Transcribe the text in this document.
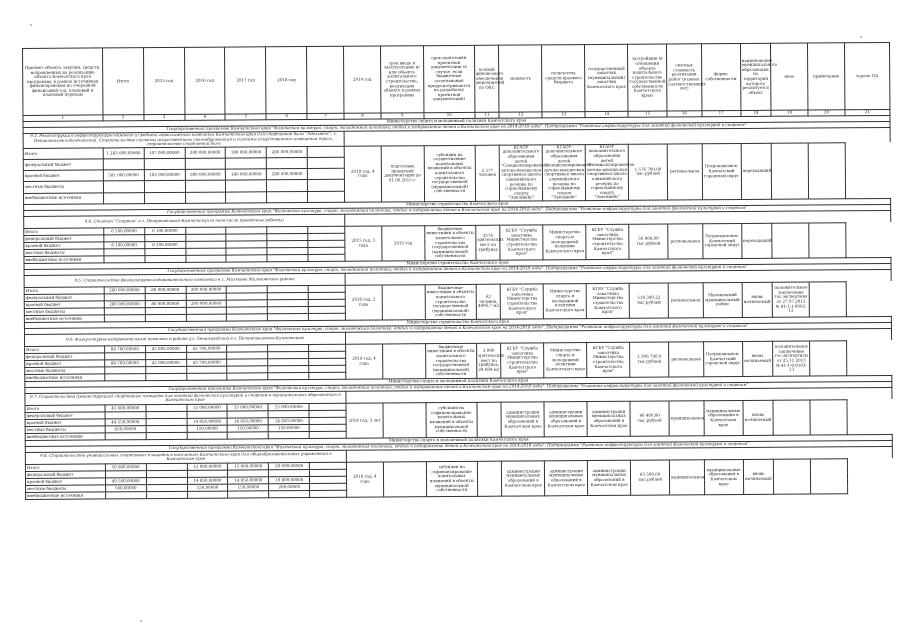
Предмет объекта закупки, средств, направленных на реализацию объекта Камчатского края программы, в рамках источников финансирования на очередной финансовый год, плановый и плановый периоды	Итого	2015 год	2016 год	2017 год	2018 год		2019 год	срок ввода в эксплуатацию и/ или объекта капитального строительства, реализация объекта в рамках программы	срок подготовки проектной документации (в случае, если бюджетные ассигнования предусматриваются на разработку проектной документации)	полный финансового обеспечения мероприятий по ОКС	мощность	получатель средств краевого бюджета	государственный заказчик (муниципальный) заказчик Камчатского края	застройщик (в отношении объекта капитального строительства государственной собственности Камчатского края)	сметная стоимость реализации работ (в ценах соответствующих лет)	форма собственности	наименование муниципального образования, на территории которого реализуется объект	иное	примечание	задача ОД
1	2	3	4	5	6	7	8	9	10	11	12	13	14	15	16	17	18	19	20	21
Министерство спорта и молодежной политики Камчатского края																				
Государственная программа Камчатского края "Физическая культура, спорт, молодежная политика, отдых и оздоровление детей в Камчатском крае на 2014-2018 годы". Подпрограмма "Развитие инфраструктуры для занятий физической культурой и спортом"																				
9.3. Реконструкция инфраструктуры нижнего и среднего горнолыжного комплекса Камчатского края для спортивной базы "Эдельвейс", г. Петропавловск-Камчатский. Строительство системы искусственного снегообразования и системы искусственного освещения трасс, строительство спортивной базы																				
Итого	1 283 000,00000	107 000,00000	300 000,00000	180 000,00000	280 000,00000		2018 год, 4 года	подготовка проектной документации до 01.06.2015 г.	субсидии на осуществление капитальных вложений в объекты капитального строительства государственной (муниципальной) собственности	2 577 человек	КГАОУ дополнительного образования детей "Специализированная детско-юношеская спортивная школа олимпийского резерва по горнолыжному спорту "Эдельвейс"	КГАОУ дополнительного образования детей "Специализированная детско-юношеская спортивная школа олимпийского резерва по горнолыжному спорту "Эдельвейс"	КГАОУ дополнительного образования детей "Специализированная детско-юношеская спортивная школа олимпийского резерва по горнолыжному спорту "Эдельвейс"	1 576 700,00 тыс.рублей	региональная	Петропавловск-Камчатский городской округ	переходящий			
федеральный бюджет																				
краевой бюджет	581 000,00000	102 000,00000	300 000,00000	180 000,00000	280 000,00000															
местные бюджеты																				
внебюджетные источники																				
Министерство строительства Камчатского края																				
Государственная программа Камчатского края "Физическая культура, спорт, молодежная политика, отдых и оздоровление детей в Камчатском крае на 2014-2018 годы". Подпрограмма "Развитие инфраструктуры для занятий физической культурой и спортом"																				
9.4. Стадион "Спартак" в г. Петропавловск-Камчатский (в том числе проектные работы)																				
Итого	6 100,00000	6 100,00000					2015 год, 3 года	2015 год	бюджетные инвестиции в объекты капитального строительства государственной (муниципальной) собственности	3576 зрительских мест на трибунах	КГБУ "Служба заказчика Министерства строительства Камчатского края"	Министерство спорта и молодежной политики Камчатского края	КГБУ "Служба заказчика Министерства строительства Камчатского края"	56 896,00 тыс.рублей	региональная	Петропавловск-Камчатский городской округ	переходящий			
федеральный бюджет																				
краевой бюджет	6 100,00000	6 100,00000																		
местные бюджеты																				
внебюджетные источники																				
Министерство строительства Камчатского края																				
Государственная программа Камчатского края "Физическая культура, спорт, молодежная политика, отдых и оздоровление детей в Камчатском крае на 2014-2018 годы". Подпрограмма "Развитие инфраструктуры для занятий физической культурой и спортом"																				
9.5. Строительство физкультурно-оздоровительного комплекса в с. Мильково Мильковского района																				
Итого	280 000,00000	80 000,00000	200 000,00000				2016 год, 2 года		бюджетные инвестиции в объекты капитального строительства государственной (муниципальной) собственности	62 человек, 4406,7 м2	КГБУ "Служба заказчика Министерства строительства Камчатского края"	Министерство спорта и молодежной политики Камчатского края	КГБУ "Служба заказчика Министерства строительства Камчатского края"	514 389,22 тыс.рублей	региональная	Мильковский муниципальный район	вновь начинаемый	положительное заключение гос.экспертизы от 27.07.2012 № 41-1-1-0002-12		
федеральный бюджет																				
краевой бюджет	280 000,00000	80 000,00000	200 000,00000																	
местные бюджеты																				
внебюджетные источники																				
Министерство строительства Камчатского края																				
Государственная программа Камчатского края "Физическая культура, спорт, молодежная политика, отдых и оздоровление детей в Камчатском крае на 2014-2018 годы". Подпрограмма "Развитие инфраструктуры для занятий физической культурой и спортом"																				
9.6. Физкультурно-оздоровительный комплекс в районе ул. Ленинградской в г. Петропавловске-Камчатском																				
Итого	88 700,00000	45 000,00000	43 700,00000				2018 год, 4 года		бюджетные инвестиции в объекты капитального строительства государственной (муниципальной) собственности	2 000 зрительских мест на трибунах, 24 684 м2	КГБУ "Служба заказчика Министерства строительства Камчатского края"	Министерство спорта и молодежной политики Камчатского края	КГБУ "Служба заказчика Министерства строительства Камчатского края"	2 306 700,0 тыс.рублей	региональная	Петропавловск-Камчатский городской округ	вновь начинаемый	положительное заключение гос.экспертизы от 25.11.2013 № 41-1-6-0103-13		
федеральный бюджет																				
краевой бюджет	88 700,00000	45 000,00000	43 700,00000																	
местные бюджеты																				
внебюджетные источники																				
Министерство спорта и молодежной политики Камчатского края																				
Государственная программа Камчатского края "Физическая культура, спорт, молодежная политика, отдых и оздоровление детей в Камчатском крае на 2014-2018 годы". Подпрограмма "Развитие инфраструктуры для занятий физической культурой и спортом"																				
9.7. Строительство (реконструкция) спортивных площадок для занятий физической культурой и спортом в муниципальных образованиях в Камчатском крае																				
Итого	45 000,00000		15 000,00000	15 000,00000	15 000,00000		2018 год, 3 лет		субсидии на софинансирование капитальных вложений в объекты муниципальной собственности		администрации муниципальных образований в Камчатском крае	администрации муниципальных образований в Камчатском крае	администрации муниципальных образований в Камчатском крае	46 400,00 тыс.рублей	муниципальная	муниципальные образования в Камчатском крае	вновь начинаемый			
федеральный бюджет																				
краевой бюджет	44 550,00000		14 850,00000	14 850,00000	14 850,00000															
местные бюджеты	450,00000		150,00000	150,00000	150,00000															
внебюджетные источники																				
Министерство спорта и молодежной политики Камчатского края																				
Государственная программа Камчатского края "Физическая культура, спорт, молодежная политика, отдых и оздоровление детей в Камчатском крае на 2014-2018 годы". Подпрограмма "Развитие инфраструктуры для занятий физической культурой и спортом"																				
9.8. Строительство универсальных спортивных площадок в поселениях Камчатского края для общеобразовательных учреждений в Камчатском крае																				
Итого	50 000,00000		15 000,00000	15 000,00000	20 000,00000		2018 год, 4 года		субсидии на софинансирование капитальных вложений в объекты муниципальной собственности		администрации муниципальных образований в Камчатском крае	администрации муниципальных образований в Камчатском крае	администрации муниципальных образований в Камчатском крае	65 500,00 тыс.рублей	муниципальная	муниципальные образования в Камчатском крае	вновь начинаемый			
федеральный бюджет																				
краевой бюджет	49 500,00000		14 850,00000	14 850,00000	19 800,00000															
местные бюджеты	500,00000		150,00000	150,00000	200,00000															
внебюджетные источники																				
